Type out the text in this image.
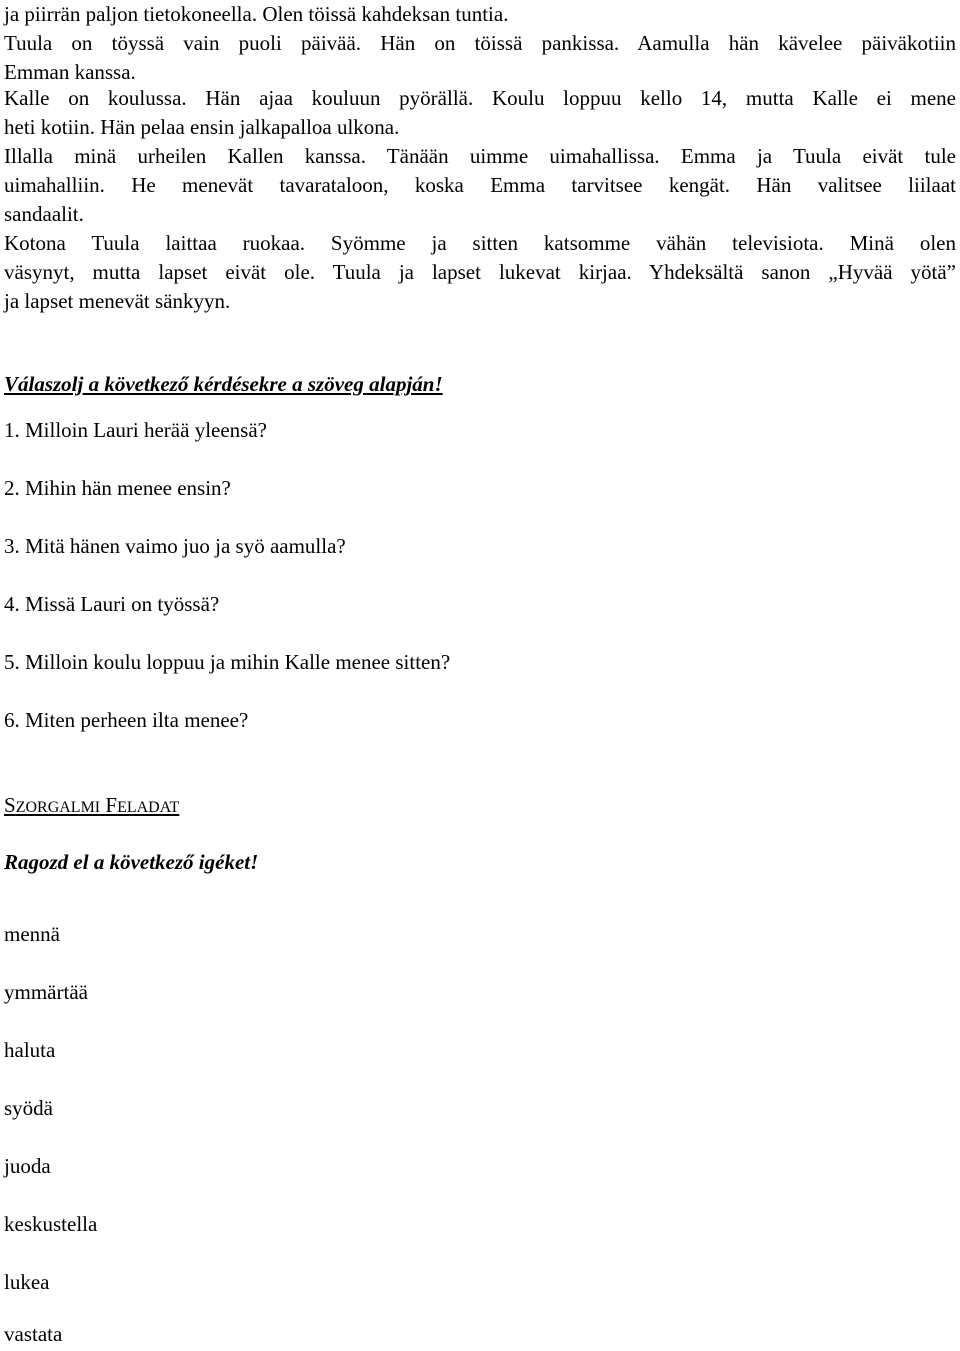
ja piirrän paljon tietokoneella. Olen töissä kahdeksan tuntia.

Tuula on töyssä vain puoli päivää. Hän on töissä pankissa. Aamulla hän kävelee päiväkotiin
Emman kanssa.

Kalle on koulussa. Hän ajaa kouluun pyörällä. Koulu loppuu kello 14, mutta Kalle ei mene
heti kotiin. Hän pelaa ensin jalkapalloa ulkona.

Illalla minä urheilen Kallen kanssa. Tänään uimme uimahallissa. Emma ja Tuula eivät tule
uimahalliin. He menevät tavarataloon, koska Emma tarvitsee kengät. Hän valitsee liilaat
sandaalit.

Kotona Tuula laittaa ruokaa. Syömme ja sitten katsomme vähän televisiota. Minä olen
väsynyt, mutta lapset eivät ole. Tuula ja lapset lukevat kirjaa. Yhdeksältä sanon „Hyvää yötä”
ja lapset menevät sänkyyn.

Válaszolj a következő kérdésekre a szöveg alapján!

1. Milloin Lauri herää yleensä?

2. Mihin hän menee ensin?

3. Mitä hänen vaimo juo ja syö aamulla?

4. Missä Lauri on työssä?

5. Milloin koulu loppuu ja mihin Kalle menee sitten?

6. Miten perheen ilta menee?

SZORGALMI FELADAT

Ragozd el a következő igéket!

mennä

ymmärtää

haluta

syödä

juoda

keskustella

lukea

vastata
